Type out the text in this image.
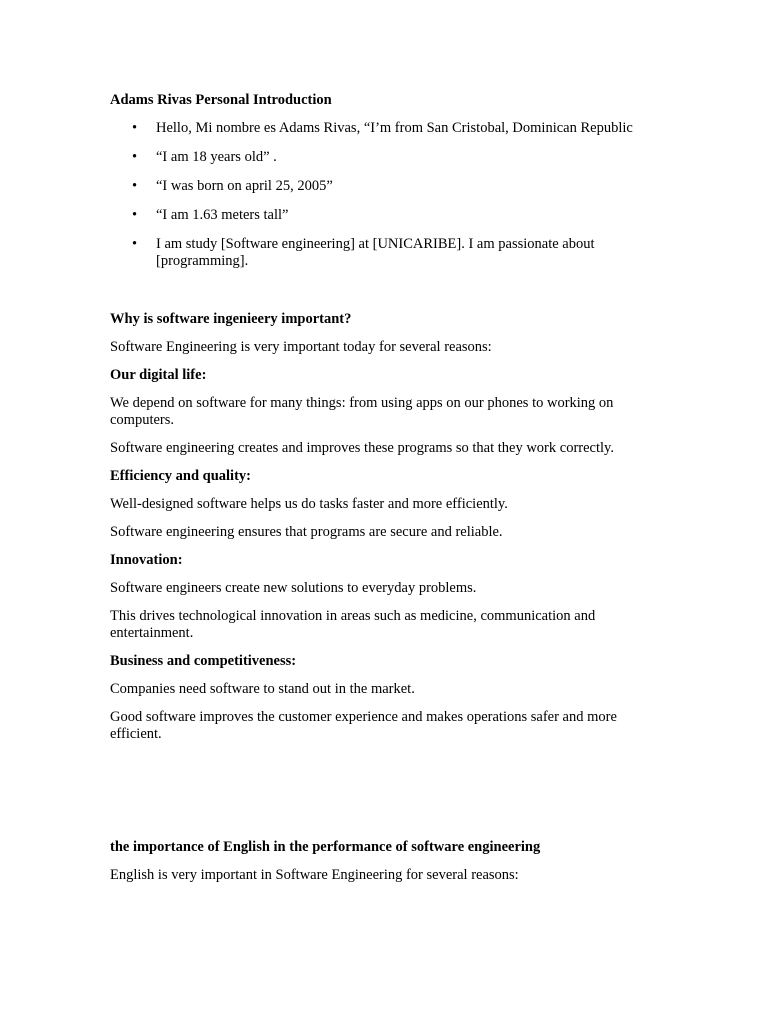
Adams Rivas Personal Introduction
• Hello, Mi nombre es Adams Rivas, “I’m from San Cristobal, Dominican Republic
• “I am 18 years old” .
• “I was born on april 25, 2005”
• “I am 1.63 meters tall”
• I am study [Software engineering] at [UNICARIBE]. I am passionate about [programming].
Why is software ingenieery important?

Software Engineering is very important today for several reasons:

Our digital life:

We depend on software for many things: from using apps on our phones to working on computers.

Software engineering creates and improves these programs so that they work correctly.

Efficiency and quality:

Well-designed software helps us do tasks faster and more efficiently.

Software engineering ensures that programs are secure and reliable.

Innovation:

Software engineers create new solutions to everyday problems.

This drives technological innovation in areas such as medicine, communication and entertainment.

Business and competitiveness:

Companies need software to stand out in the market.

Good software improves the customer experience and makes operations safer and more efficient.

the importance of English in the performance of software engineering

English is very important in Software Engineering for several reasons:
